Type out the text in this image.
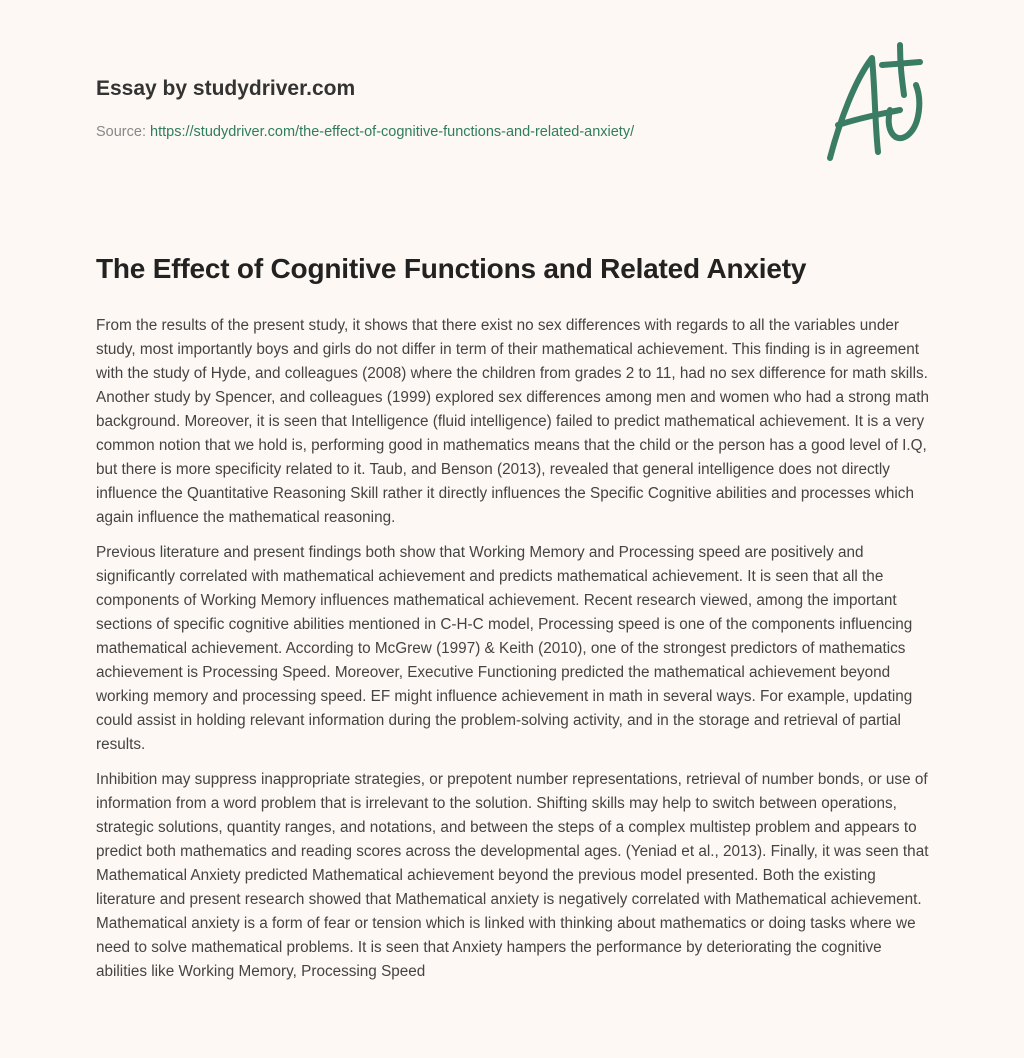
Essay by studydriver.com
Source: https://studydriver.com/the-effect-of-cognitive-functions-and-related-anxiety/
The Effect of Cognitive Functions and Related Anxiety

From the results of the present study, it shows that there exist no sex differences with regards to all the variables under study, most importantly boys and girls do not differ in term of their mathematical achievement. This finding is in agreement with the study of Hyde, and colleagues (2008) where the children from grades 2 to 11, had no sex difference for math skills. Another study by Spencer, and colleagues (1999) explored sex differences among men and women who had a strong math background. Moreover, it is seen that Intelligence (fluid intelligence) failed to predict mathematical achievement. It is a very common notion that we hold is, performing good in mathematics means that the child or the person has a good level of I.Q, but there is more specificity related to it. Taub, and Benson (2013), revealed that general intelligence does not directly influence the Quantitative Reasoning Skill rather it directly influences the Specific Cognitive abilities and processes which again influence the mathematical reasoning.

Previous literature and present findings both show that Working Memory and Processing speed are positively and significantly correlated with mathematical achievement and predicts mathematical achievement. It is seen that all the components of Working Memory influences mathematical achievement. Recent research viewed, among the important sections of specific cognitive abilities mentioned in C-H-C model, Processing speed is one of the components influencing mathematical achievement. According to McGrew (1997) & Keith (2010), one of the strongest predictors of mathematics achievement is Processing Speed. Moreover, Executive Functioning predicted the mathematical achievement beyond working memory and processing speed. EF might influence achievement in math in several ways. For example, updating could assist in holding relevant information during the problem-solving activity, and in the storage and retrieval of partial results.

Inhibition may suppress inappropriate strategies, or prepotent number representations, retrieval of number bonds, or use of information from a word problem that is irrelevant to the solution. Shifting skills may help to switch between operations, strategic solutions, quantity ranges, and notations, and between the steps of a complex multistep problem and appears to predict both mathematics and reading scores across the developmental ages. (Yeniad et al., 2013). Finally, it was seen that Mathematical Anxiety predicted Mathematical achievement beyond the previous model presented. Both the existing literature and present research showed that Mathematical anxiety is negatively correlated with Mathematical achievement. Mathematical anxiety is a form of fear or tension which is linked with thinking about mathematics or doing tasks where we need to solve mathematical problems. It is seen that Anxiety hampers the performance by deteriorating the cognitive abilities like Working Memory, Processing Speed
